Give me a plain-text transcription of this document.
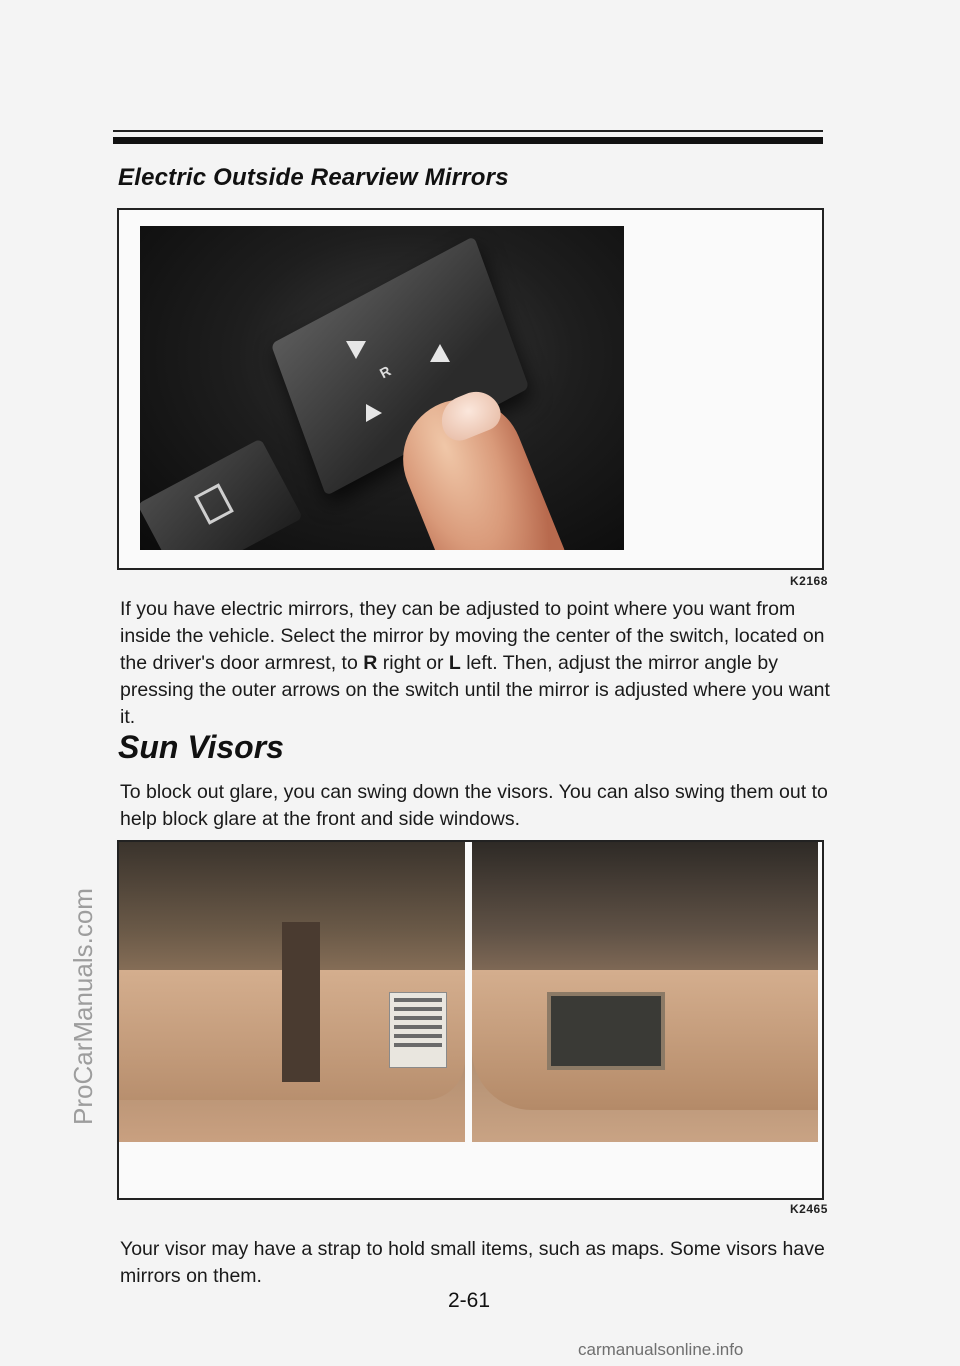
Electric Outside Rearview Mirrors
R
K2168
If you have electric mirrors, they can be adjusted to point where you want from inside the vehicle. Select the mirror by moving the center of the switch, located on the driver's door armrest, to R right or L left. Then, adjust the mirror angle by pressing the outer arrows on the switch until the mirror is adjusted where you want it.
Sun Visors
To block out glare, you can swing down the visors. You can also swing them out to help block glare at the front and side windows.
K2465
Your visor may have a strap to hold small items, such as maps. Some visors have mirrors on them.
2-61
ProCarManuals.com
carmanualsonline.info
